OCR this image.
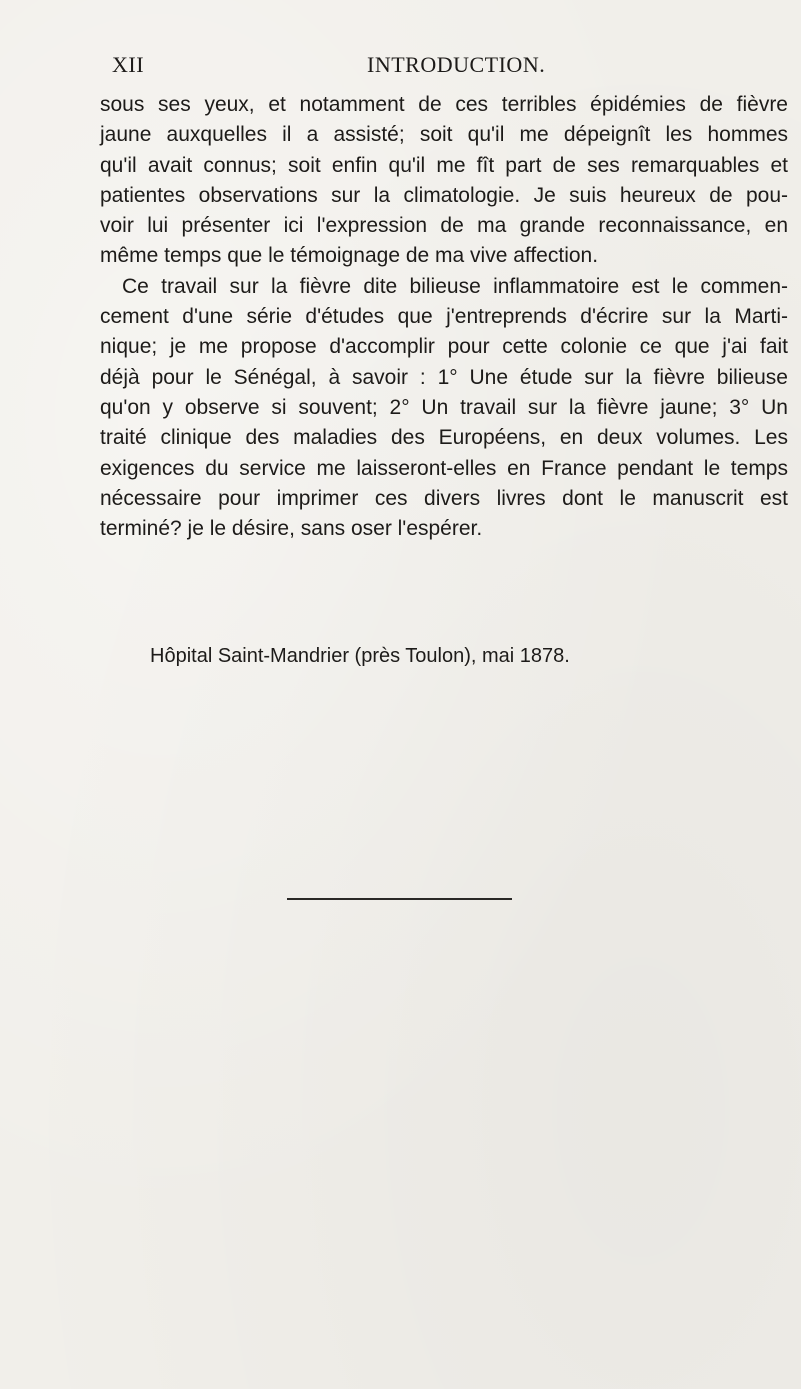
XII	INTRODUCTION.
sous ses yeux, et notamment de ces terribles épidémies de fièvre
jaune auxquelles il a assisté; soit qu'il me dépeignît les hommes
qu'il avait connus; soit enfin qu'il me fît part de ses remarquables et
patientes observations sur la climatologie. Je suis heureux de pou-
voir lui présenter ici l'expression de ma grande reconnaissance, en
même temps que le témoignage de ma vive affection.
Ce travail sur la fièvre dite bilieuse inflammatoire est le commen-
cement d'une série d'études que j'entreprends d'écrire sur la Marti-
nique; je me propose d'accomplir pour cette colonie ce que j'ai fait
déjà pour le Sénégal, à savoir : 1° Une étude sur la fièvre bilieuse
qu'on y observe si souvent; 2° Un travail sur la fièvre jaune; 3° Un
traité clinique des maladies des Européens, en deux volumes. Les
exigences du service me laisseront-elles en France pendant le temps
nécessaire pour imprimer ces divers livres dont le manuscrit est
terminé? je le désire, sans oser l'espérer.
Hôpital Saint-Mandrier (près Toulon), mai 1878.
